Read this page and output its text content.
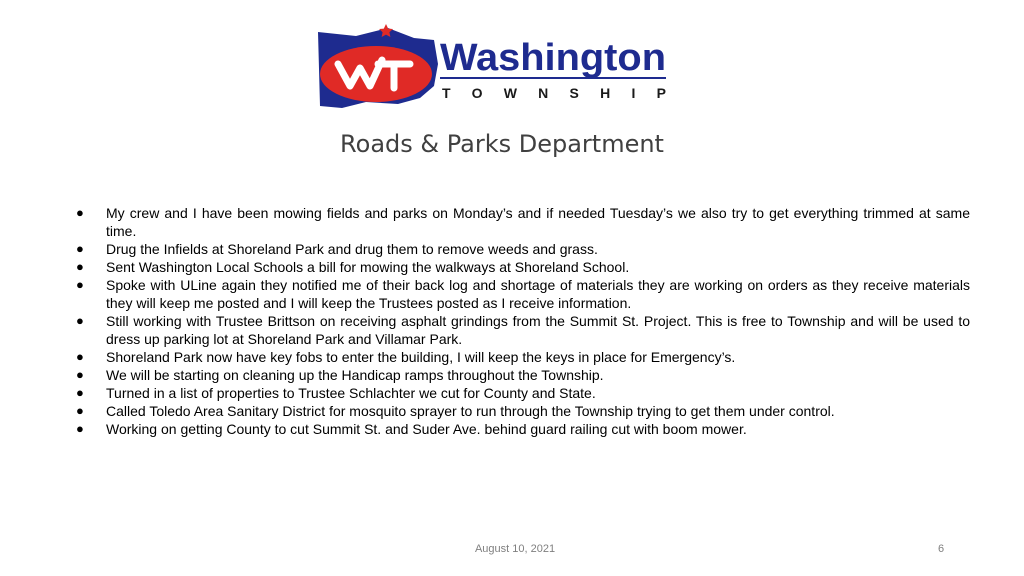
Washington
TOWNSHIP
Roads & Parks Department
● My crew and I have been mowing fields and parks on Monday’s and if needed Tuesday’s we also try to get everything trimmed at same time.
● Drug the Infields at Shoreland Park and drug them to remove weeds and grass.
● Sent Washington Local Schools a bill for mowing the walkways at Shoreland School.
● Spoke with ULine again they notified me of their back log and shortage of materials they are working on orders as they receive materials they will keep me posted and I will keep the Trustees posted as I receive information.
● Still working with Trustee Brittson on receiving asphalt grindings from the Summit St. Project. This is free to Township and will be used to dress up parking lot at Shoreland Park and Villamar Park.
● Shoreland Park now have key fobs to enter the building, I will keep the keys in place for Emergency’s.
● We will be starting on cleaning up the Handicap ramps throughout the Township.
● Turned in a list of properties to Trustee Schlachter we cut for County and State.
● Called Toledo Area Sanitary District for mosquito sprayer to run through the Township trying to get them under control.
● Working on getting County to cut Summit St. and Suder Ave. behind guard railing cut with boom mower.
August 10, 2021	6
